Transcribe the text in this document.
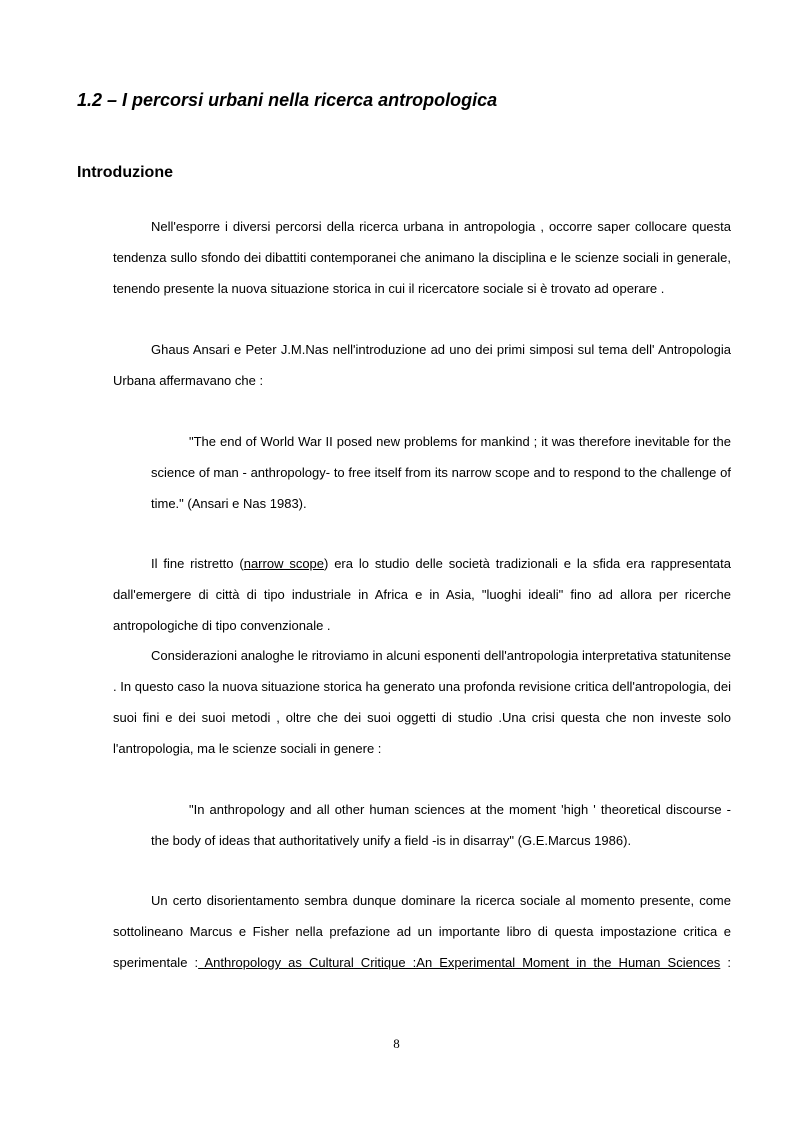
1.2 – I percorsi urbani nella ricerca antropologica
Introduzione

Nell'esporre i diversi percorsi della ricerca urbana in antropologia , occorre saper collocare questa tendenza sullo sfondo dei dibattiti contemporanei che animano la disciplina e le scienze sociali in generale, tenendo presente la nuova situazione storica in cui il ricercatore sociale si è trovato ad operare .

Ghaus Ansari e Peter J.M.Nas nell'introduzione ad uno dei primi simposi sul tema dell' Antropologia Urbana affermavano che :

"The end of World War II posed new problems for mankind ; it was therefore inevitable for the science of man - anthropology- to free itself from its narrow scope and to respond to the challenge of time." (Ansari e Nas 1983).

Il fine ristretto (narrow scope) era lo studio delle società tradizionali e la sfida era rappresentata dall'emergere di città di tipo industriale in Africa e in Asia, "luoghi ideali" fino ad allora per ricerche antropologiche di tipo convenzionale .

Considerazioni analoghe le ritroviamo in alcuni esponenti dell'antropologia interpretativa statunitense . In questo caso la nuova situazione storica ha generato una profonda revisione critica dell'antropologia, dei suoi fini e dei suoi metodi , oltre che dei suoi oggetti di studio .Una crisi questa che non investe solo l'antropologia, ma le scienze sociali in genere :

"In anthropology and all other human sciences at the moment 'high ' theoretical discourse - the body of ideas that authoritatively unify a field -is in disarray" (G.E.Marcus 1986).

Un certo disorientamento sembra dunque dominare la ricerca sociale al momento presente, come sottolineano Marcus e Fisher nella prefazione ad un importante libro di questa impostazione critica e sperimentale : Anthropology as Cultural Critique :An Experimental Moment in the Human Sciences :

8
